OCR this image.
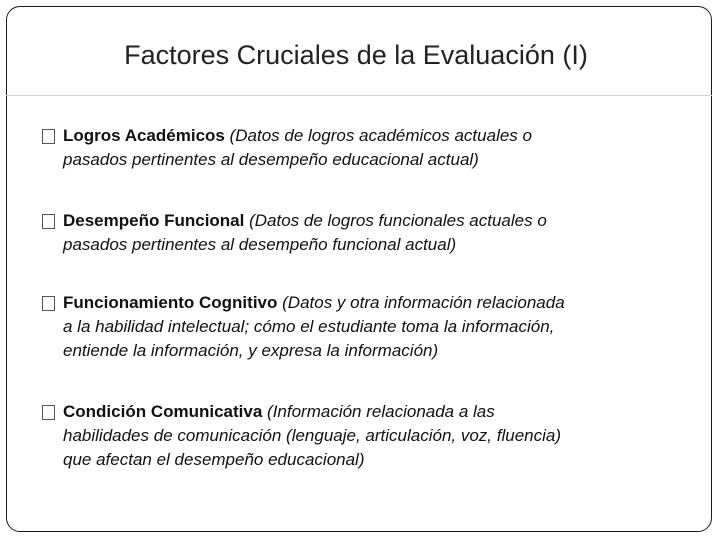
Factores Cruciales de la Evaluación (I)
Logros Académicos (Datos de logros académicos actuales o
pasados pertinentes al desempeño educacional actual)
Desempeño Funcional (Datos de logros funcionales actuales o
pasados pertinentes al desempeño funcional actual)
Funcionamiento Cognitivo (Datos y otra información relacionada
a la habilidad intelectual; cómo el estudiante toma la información,
entiende la información, y expresa la información)
Condición Comunicativa (Información relacionada a las
habilidades de comunicación (lenguaje, articulación, voz, fluencia)
que afectan el desempeño educacional)
